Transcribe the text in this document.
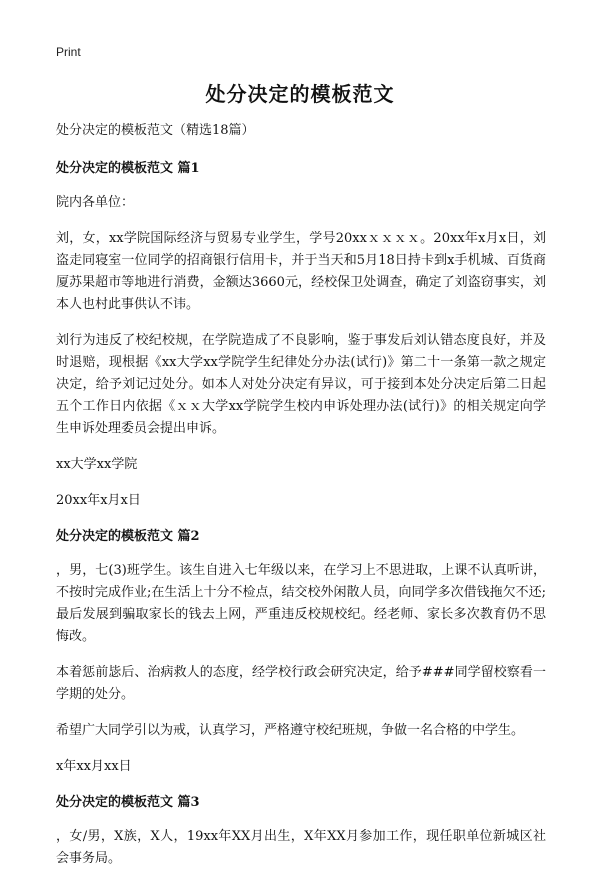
Print
处分决定的模板范文

处分决定的模板范文（精选18篇）

处分决定的模板范文 篇1

院内各单位：

刘，女，xx学院国际经济与贸易专业学生，学号20xxｘｘｘｘ。20xx年x月x日，刘盗走同寝室一位同学的招商银行信用卡，并于当天和5月18日持卡到x手机城、百货商厦苏果超市等地进行消费，金额达3660元，经校保卫处调查，确定了刘盗窃事实，刘本人也村此事供认不讳。

刘行为违反了校纪校规，在学院造成了不良影响，鉴于事发后刘认错态度良好，并及时退赔，现根据《xx大学xx学院学生纪律处分办法(试行)》第二十一条第一款之规定决定，给予刘记过处分。如本人对处分决定有异议，可于接到本处分决定后第二日起五个工作日内依据《ｘｘ大学xx学院学生校内申诉处理办法(试行)》的相关规定向学生申诉处理委员会提出申诉。

xx大学xx学院

20xx年x月x日

处分决定的模板范文 篇2

，男，七(3)班学生。该生自进入七年级以来，在学习上不思进取，上课不认真听讲，不按时完成作业;在生活上十分不检点，结交校外闲散人员，向同学多次借钱拖欠不还;最后发展到骗取家长的钱去上网，严重违反校规校纪。经老师、家长多次教育仍不思悔改。

本着惩前毖后、治病救人的态度，经学校行政会研究决定，给予###同学留校察看一学期的处分。

希望广大同学引以为戒，认真学习，严格遵守校纪班规，争做一名合格的中学生。

x年xx月xx日

处分决定的模板范文 篇3

，女/男，X族，X人，19xx年XX月出生，X年XX月参加工作，现任职单位新城区社会事务局。
